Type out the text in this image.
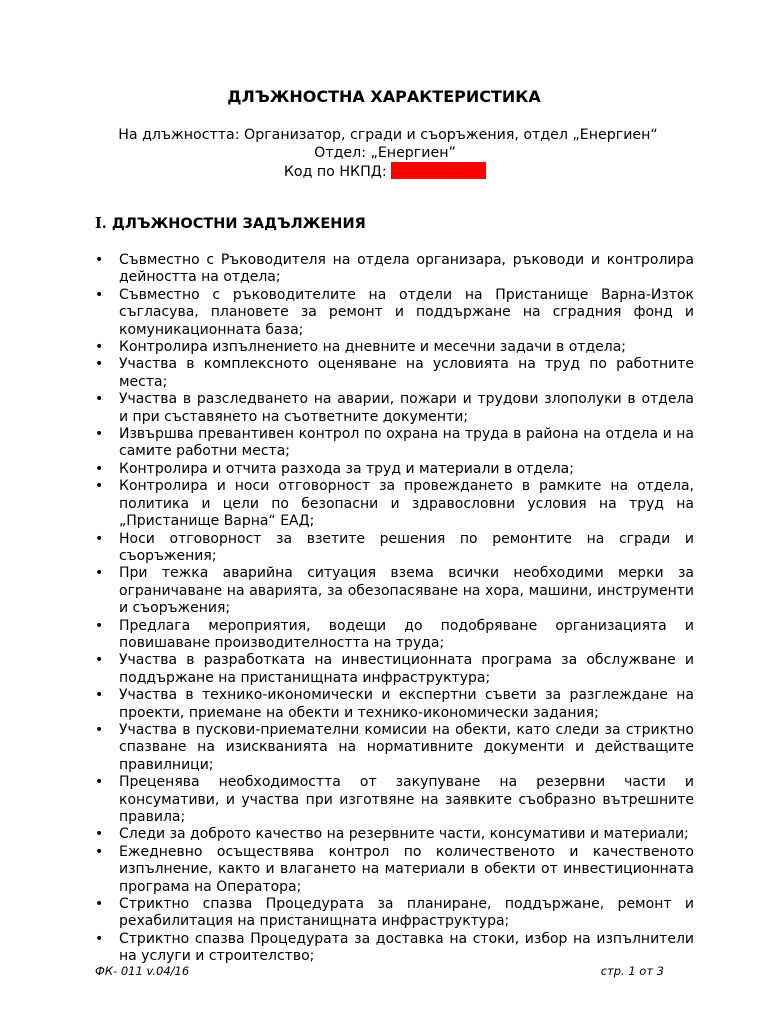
ДЛЪЖНОСТНА ХАРАКТЕРИСТИКА
На длъжността: Организатор, сгради и съоръжения, отдел „Енергиен“
Отдел: „Енергиен”
Код по НКПД: …………………
I. ДЛЪЖНОСТНИ ЗАДЪЛЖЕНИЯ
• Съвместно с Ръководителя на отдела организара, ръководи и контролира дейността на отдела;
• Съвместно с ръководителите на отдели на Пристанище Варна-Изток съгласува, плановете за ремонт и поддържане на сградния фонд и комуникационната база;
• Контролира изпълнението на дневните и месечни задачи в отдела;
• Участва в комплексното оценяване на условията на труд по работните места;
• Участва в разследването на аварии, пожари и трудови злополуки в отдела и при съставянето на съответните документи;
• Извършва превантивен контрол по охрана на труда в района на отдела и на самите работни места;
• Контролира и отчита разхода за труд и материали в отдела;
• Контролира и носи отговорност за провеждането в рамките на отдела, политика и цели по безопасни и здравословни условия на труд на „Пристанище Варна“ ЕАД;
• Носи отговорност за взетите решения по ремонтите на сгради и съоръжения;
• При тежка аварийна ситуация взема всички необходими мерки за ограничаване на аварията, за обезопасяване на хора, машини, инструменти и съоръжения;
• Предлага мероприятия, водещи до подобряване организацията и повишаване производителността на труда;
• Участва в разработката на инвестиционната програма за обслужване и поддържане на пристанищната инфраструктура;
• Участва в технико-икономически и експертни съвети за разглеждане на проекти, приемане на обекти и технико-икономически задания;
• Участва в пускови-приемателни комисии на обекти, като следи за стриктно спазване на изискванията на нормативните документи и действащите правилници;
• Преценява необходимостта от закупуване на резервни части и консумативи, и участва при изготвяне на заявките съобразно вътрешните правила;
• Следи за доброто качество на резервните части, консумативи и материали;
• Ежедневно осъществява контрол по количественото и качественото изпълнение, както и влагането на материали в обекти от инвестиционната програма на Оператора;
• Стриктно спазва Процедурата за планиране, поддържане, ремонт и рехабилитация на пристанищната инфраструктура;
• Стриктно спазва Процедурата за доставка на стоки, избор на изпълнители на услуги и строителство;
ФК- 011 v.04/16	стр. 1 от 3
